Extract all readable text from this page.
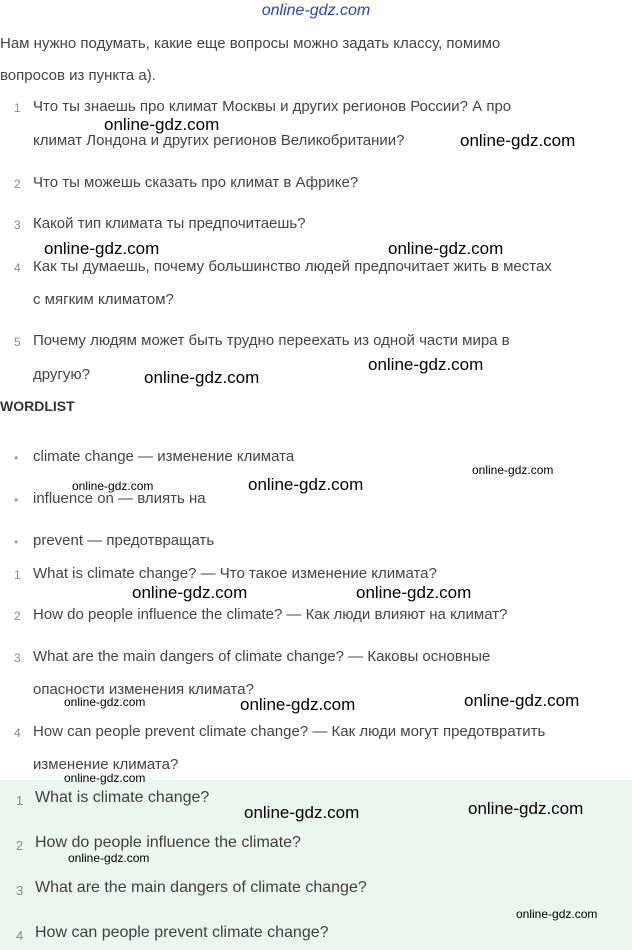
online-gdz.com
Нам нужно подумать, какие еще вопросы можно задать классу, помимо
вопросов из пункта а).
1 Что ты знаешь про климат Москвы и других регионов России? А про
климат Лондона и других регионов Великобритании?
2 Что ты можешь сказать про климат в Африке?
3 Какой тип климата ты предпочитаешь?
4 Как ты думаешь, почему большинство людей предпочитает жить в местах
с мягким климатом?
5 Почему людям может быть трудно переехать из одной части мира в
другую?
WORDLIST
• climate change — изменение климата
• influence on — влиять на
• prevent — предотвращать
1 What is climate change? — Что такое изменение климата?
2 How do people influence the climate? — Как люди влияют на климат?
3 What are the main dangers of climate change? — Каковы основные
опасности изменения климата?
4 How can people prevent climate change? — Как люди могут предотвратить
изменение климата?
1 What is climate change?
2 How do people influence the climate?
3 What are the main dangers of climate change?
4 How can people prevent climate change?
online-gdz.com
online-gdz.com
online-gdz.com	online-gdz.com
online-gdz.com
online-gdz.com
online-gdz.com
online-gdz.com	online-gdz.com
online-gdz.com	online-gdz.com
online-gdz.com	online-gdz.com	online-gdz.com
online-gdz.com
online-gdz.com	online-gdz.com
online-gdz.com
online-gdz.com
